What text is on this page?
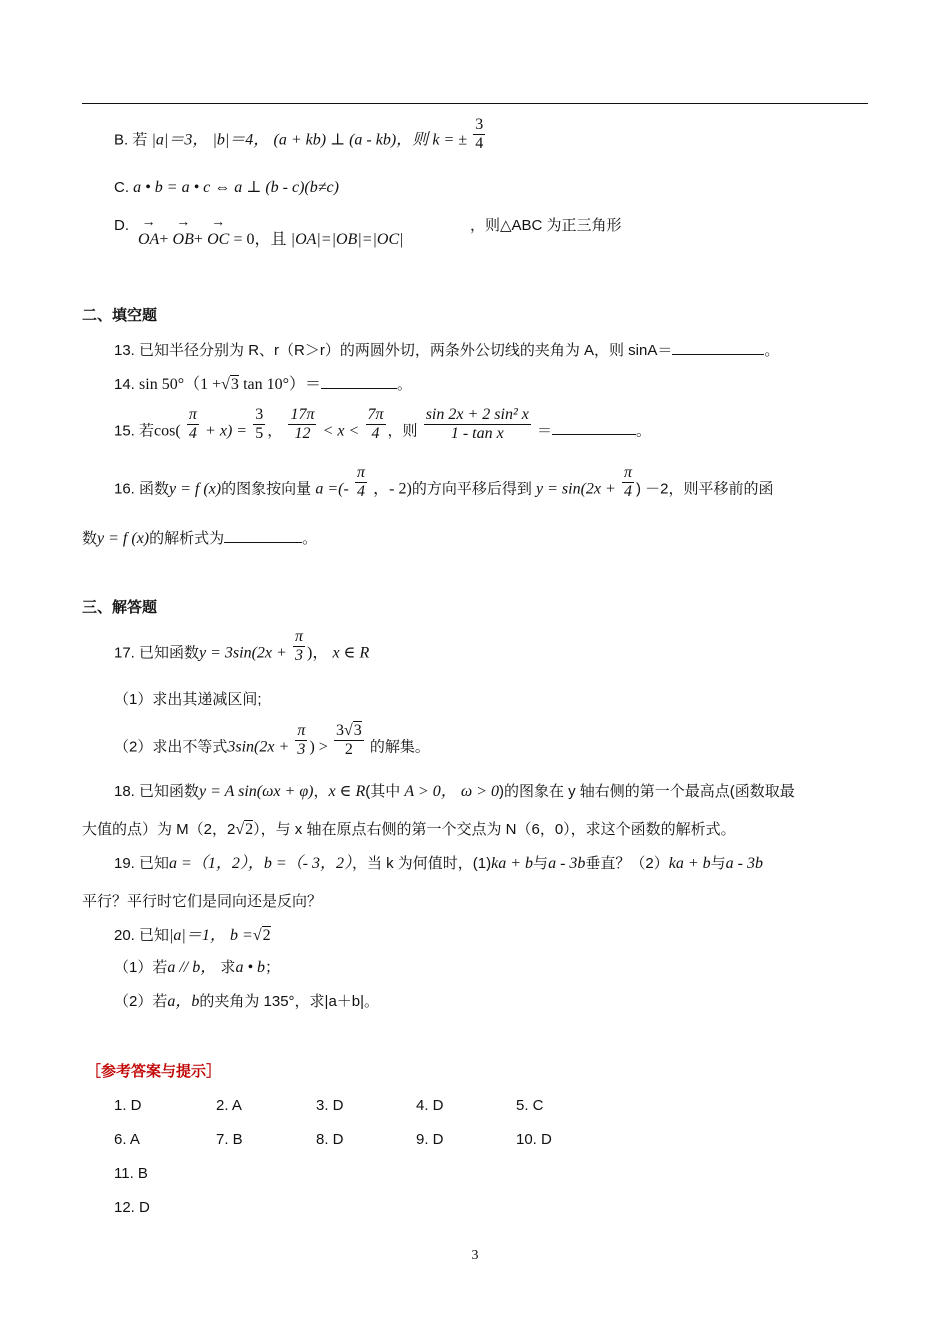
B. 若 |a|＝3， |b|＝4， (a + kb) ⊥ (a - kb)，则 k = ± $\frac{3}{4}$
C. a • b = a • c ⇔ a ⊥ (b - c)(b≠c)
D.
→ OA+ → OB+ → OC = 0，且 |OA|=|OB|=|OC|
，则△ABC 为正三角形
二、填空题
13. 已知半径分别为 R、r（R＞r）的两圆外切，两条外公切线的夹角为 A，则 sinA＝	。
14. sin 50°（1 +√3 tan 10°）＝	。
15. 若$\cos( \frac{\pi}{4} + x) = \frac{3}{5}$ ， $\frac{17\pi}{12} < x < \frac{7\pi}{4}$ ，则 $\frac{\text{sin 2x + 2 sin² x}}{\text{1 - tan x}}$ ＝	。
16. 函数y = f (x)的图象按向量 a =(- $\frac{\pi}{4}$ ，- 2)的方向平移后得到 $y = \sin(2x + \frac{\pi}{4}$ ) －2，则平移前的函
数y = f (x)的解析式为	。
三、解答题
17. 已知函数$y = 3\sin(2x + \frac{\pi}{3}$ )， x ∈ R
（1）求出其递减区间;
（2）求出不等式$3\sin(2x + \frac{\pi}{3}$ ) > $\frac{3√3}{2}$ 的解集。
18. 已知函数y = A sin(ωx + φ)，x ∈ R(其中 A > 0， ω > 0)的图象在 y 轴右侧的第一个最高点(函数取最
大值的点）为 M（2，2√2），与 x 轴在原点右侧的第一个交点为 N（6，0），求这个函数的解析式。
19. 已知a =（1，2），b =（- 3，2），当 k 为何值时，(1)ka + b与a - 3b垂直？（2）ka + b与a - 3b
平行？平行时它们是同向还是反向？
20. 已知|a|＝1， b =√2
（1）若a // b， 求a • b；
（2）若a，b的夹角为 135°，求|a＋b|。
［参考答案与提示］
1. D	2. A	3. D	4. D	5. C
6. A	7. B	8. D	9. D	10. D
11. B
12. D
3
